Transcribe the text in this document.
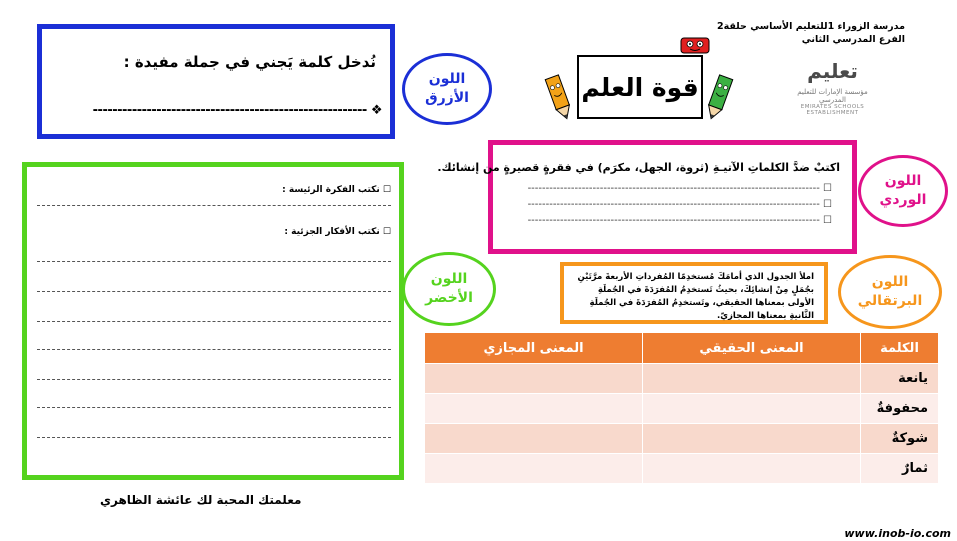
مدرسة الزوراء 1للتعليم الأساسي حلقة2
الفرع المدرسي الثاني
قوة العلم
تعليم
مؤسسة الإمارات للتعليم المدرسي
EMIRATES SCHOOLS ESTABLISHMENT
نُدخل كلمة يَجني في جملة مفيدة :
-------------------------------------------------------- ❖
اللون الأزرق
اكتبْ ضدَّ الكلماتِ الآتيـةِ (ثروة، الجهل، مكرَم) في فقرةٍ قصيرةٍ من إنشائك.
--------------------------------------------------------------------------------- ☐
--------------------------------------------------------------------------------- ☐
--------------------------------------------------------------------------------- ☐
اللون الوردي
☐ نكتب الفكرة الرئيسة :
☐ نكتب الأفكار الجزئية :
اللون الأخضر
املأ الجدول الذي أمامَكَ مُستخدِمًا المُفرداتِ الأربعةَ مرَّتَيْنِ بجُمَلٍ مِنْ إنشائِكَ، بحيثُ تَستخدِمُ المُفرَدَةَ في الجُملَةِ الأولى بمعناها الحقيقي، وتَستخدِمُ المُفرَدَةَ في الجُملَةِ الثَّانيةِ بمعناها المجازيّ.
اللون البرتقالي
الكلمة	المعنى الحقيقي	المعنى المجازي
يانعة		
محفوفةٌ		
شوكةٌ		
ثمارٌ		
معلمتك المحبة لك عائشة الظاهري
www.inob-io.com
